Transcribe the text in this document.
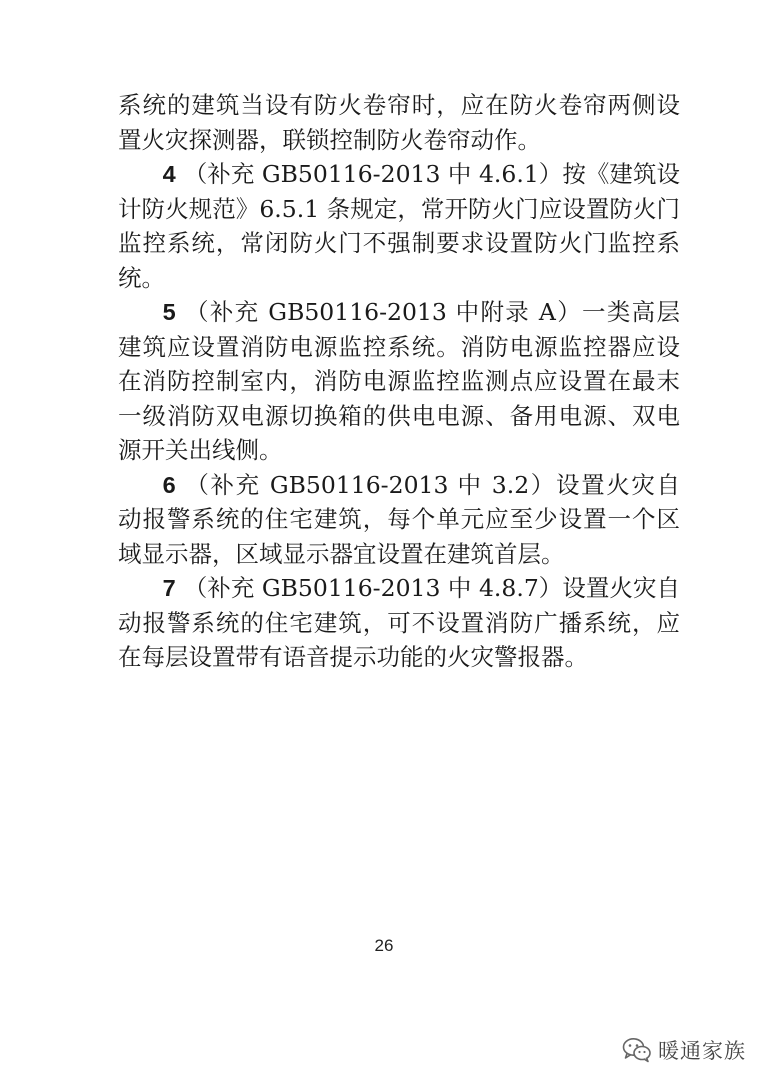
系统的建筑当设有防火卷帘时，应在防火卷帘两侧设置火灾探测器，联锁控制防火卷帘动作。

4 （补充 GB50116-2013 中 4.6.1）按《建筑设计防火规范》6.5.1 条规定，常开防火门应设置防火门监控系统，常闭防火门不强制要求设置防火门监控系统。

5 （补充 GB50116-2013 中附录 A）一类高层建筑应设置消防电源监控系统。消防电源监控器应设在消防控制室内，消防电源监控监测点应设置在最末一级消防双电源切换箱的供电电源、备用电源、双电源开关出线侧。

6 （补充 GB50116-2013 中 3.2）设置火灾自动报警系统的住宅建筑，每个单元应至少设置一个区域显示器，区域显示器宜设置在建筑首层。

7 （补充 GB50116-2013 中 4.8.7）设置火灾自动报警系统的住宅建筑，可不设置消防广播系统，应在每层设置带有语音提示功能的火灾警报器。

26
暖通家族
